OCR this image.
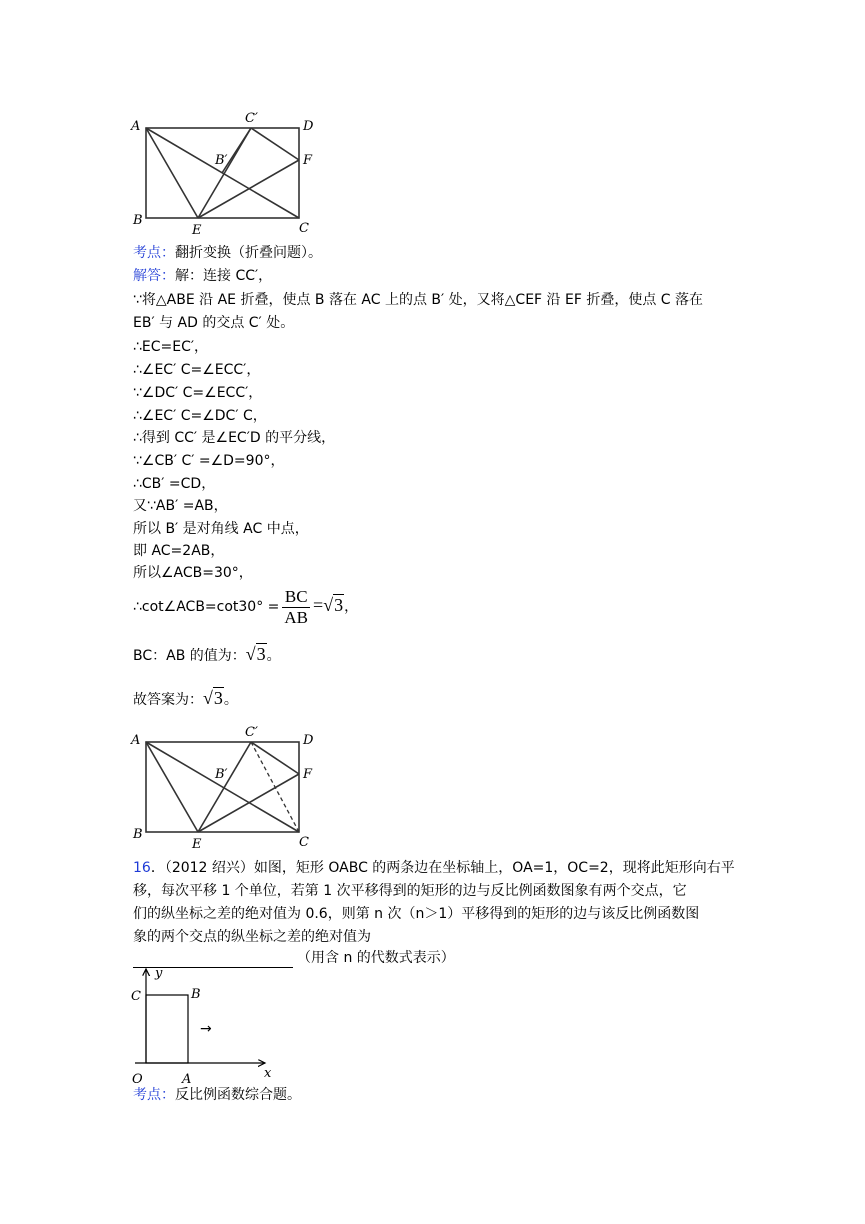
A
B
C
D
E
F
B′
C′
考点：翻折变换（折叠问题）。
解答：解：连接 CC′，
∵将△ABE 沿 AE 折叠，使点 B 落在 AC 上的点 B′ 处，又将△CEF 沿 EF 折叠，使点 C 落在
EB′ 与 AD 的交点 C′ 处。
∴EC=EC′，
∴∠EC′ C=∠ECC′，
∵∠DC′ C=∠ECC′，
∴∠EC′ C=∠DC′ C，
∴得到 CC′ 是∠EC′D 的平分线，
∵∠CB′ C′ =∠D=90°，
∴CB′ =CD，
又∵AB′ =AB，
所以 B′ 是对角线 AC 中点，
即 AC=2AB，
所以∠ACB=30°，
∴cot∠ACB=cot30° = $\frac{BC}{AB} =√3$，
BC：AB 的值为：√3。
故答案为：√3。
A
B
C
D
E
F
B′
C′
16．（2012 绍兴）如图，矩形 OABC 的两条边在坐标轴上，OA=1，OC=2，现将此矩形向右平
移，每次平移 1 个单位，若第 1 次平移得到的矩形的边与反比例函数图象有两个交点，它
们的纵坐标之差的绝对值为 0.6，则第 n 次（n＞1）平移得到的矩形的边与该反比例函数图
象的两个交点的纵坐标之差的绝对值为
（用含 n 的代数式表示）
y
x
C	B
O	A
→
考点：反比例函数综合题。
